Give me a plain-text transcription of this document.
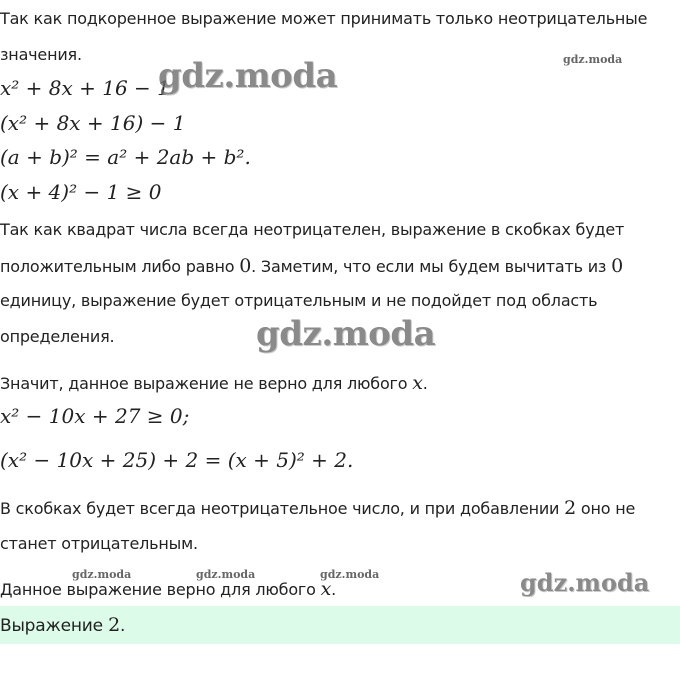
Так как подкоренное выражение может принимать только неотрицательные
значения.
x² + 8x + 16 − 1
(x² + 8x + 16) − 1
(a + b)² = a² + 2ab + b².
(x + 4)² − 1 ≥ 0
Так как квадрат числа всегда неотрицателен, выражение в скобках будет
положительным либо равно 0. Заметим, что если мы будем вычитать из 0
единицу, выражение будет отрицательным и не подойдет под область
определения.
Значит, данное выражение не верно для любого x.
x² − 10x + 27 ≥ 0;
(x² − 10x + 25) + 2 = (x + 5)² + 2.
В скобках будет всегда неотрицательное число, и при добавлении 2 оно не
станет отрицательным.
Данное выражение верно для любого x.
Выражение 2.
gdz.moda
gdz.moda
gdz.moda
gdz.moda
gdz.moda	gdz.moda	gdz.moda
